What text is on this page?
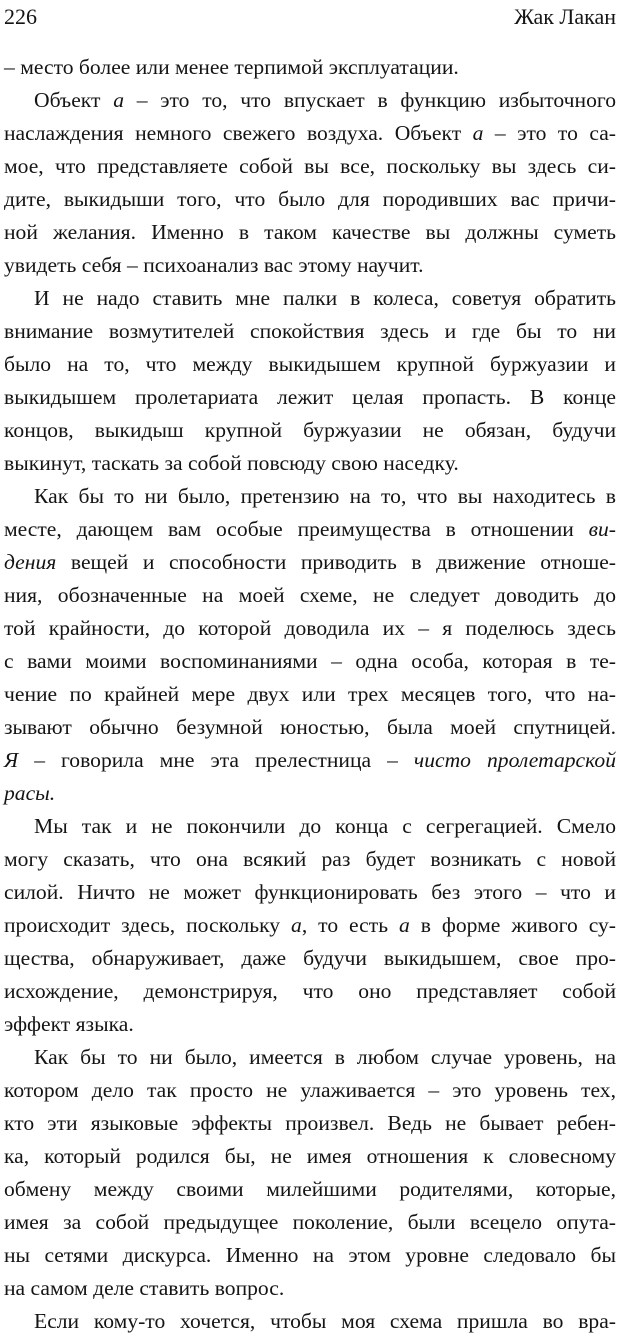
226	Жак Лакан
– место более или менее терпимой эксплуатации.
Объект а – это то, что впускает в функцию избыточного
наслаждения немного свежего воздуха. Объект а – это то са-
мое, что представляете собой вы все, поскольку вы здесь си-
дите, выкидыши того, что было для породивших вас причи-
ной желания. Именно в таком качестве вы должны суметь
увидеть себя – психоанализ вас этому научит.
И не надо ставить мне палки в колеса, советуя обратить
внимание возмутителей спокойствия здесь и где бы то ни
было на то, что между выкидышем крупной буржуазии и
выкидышем пролетариата лежит целая пропасть. В конце
концов, выкидыш крупной буржуазии не обязан, будучи
выкинут, таскать за собой повсюду свою наседку.
Как бы то ни было, претензию на то, что вы находитесь в
месте, дающем вам особые преимущества в отношении ви-
дения вещей и способности приводить в движение отноше-
ния, обозначенные на моей схеме, не следует доводить до
той крайности, до которой доводила их – я поделюсь здесь
с вами моими воспоминаниями – одна особа, которая в те-
чение по крайней мере двух или трех месяцев того, что на-
зывают обычно безумной юностью, была моей спутницей.
Я – говорила мне эта прелестница – чисто пролетарской
расы.
Мы так и не покончили до конца с сегрегацией. Смело
могу сказать, что она всякий раз будет возникать с новой
силой. Ничто не может функционировать без этого – что и
происходит здесь, поскольку а, то есть а в форме живого су-
щества, обнаруживает, даже будучи выкидышем, свое про-
исхождение, демонстрируя, что оно представляет собой
эффект языка.
Как бы то ни было, имеется в любом случае уровень, на
котором дело так просто не улаживается – это уровень тех,
кто эти языковые эффекты произвел. Ведь не бывает ребен-
ка, который родился бы, не имея отношения к словесному
обмену между своими милейшими родителями, которые,
имея за собой предыдущее поколение, были всецело опута-
ны сетями дискурса. Именно на этом уровне следовало бы
на самом деле ставить вопрос.
Если кому-то хочется, чтобы моя схема пришла во вра-
